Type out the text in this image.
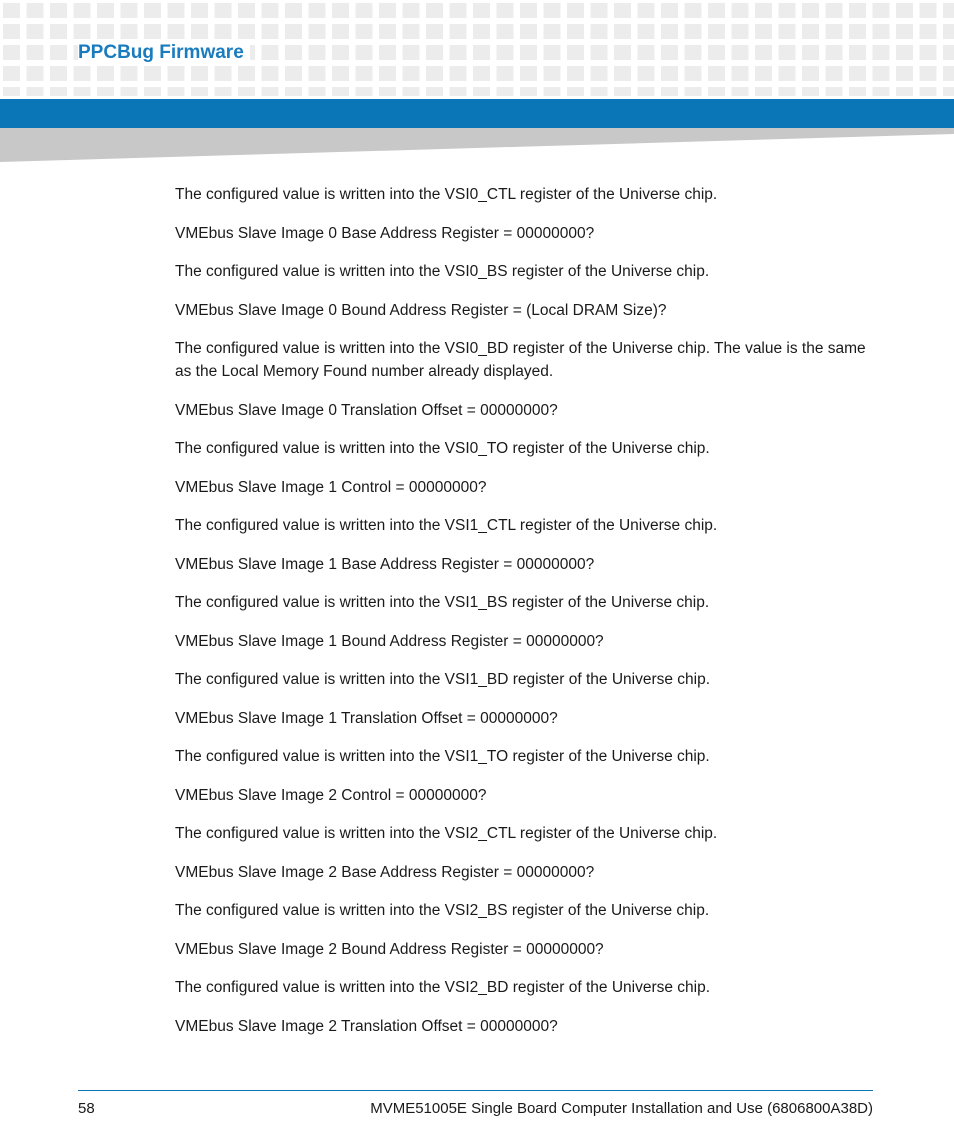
PPCBug Firmware

The configured value is written into the VSI0_CTL register of the Universe chip.

VMEbus Slave Image 0 Base Address Register = 00000000?

The configured value is written into the VSI0_BS register of the Universe chip.

VMEbus Slave Image 0 Bound Address Register = (Local DRAM Size)?

The configured value is written into the VSI0_BD register of the Universe chip. The value is the same as the Local Memory Found number already displayed.

VMEbus Slave Image 0 Translation Offset = 00000000?

The configured value is written into the VSI0_TO register of the Universe chip.

VMEbus Slave Image 1 Control = 00000000?

The configured value is written into the VSI1_CTL register of the Universe chip.

VMEbus Slave Image 1 Base Address Register = 00000000?

The configured value is written into the VSI1_BS register of the Universe chip.

VMEbus Slave Image 1 Bound Address Register = 00000000?

The configured value is written into the VSI1_BD register of the Universe chip.

VMEbus Slave Image 1 Translation Offset = 00000000?

The configured value is written into the VSI1_TO register of the Universe chip.

VMEbus Slave Image 2 Control = 00000000?

The configured value is written into the VSI2_CTL register of the Universe chip.

VMEbus Slave Image 2 Base Address Register = 00000000?

The configured value is written into the VSI2_BS register of the Universe chip.

VMEbus Slave Image 2 Bound Address Register = 00000000?

The configured value is written into the VSI2_BD register of the Universe chip.

VMEbus Slave Image 2 Translation Offset = 00000000?

58	MVME51005E Single Board Computer Installation and Use (6806800A38D)
